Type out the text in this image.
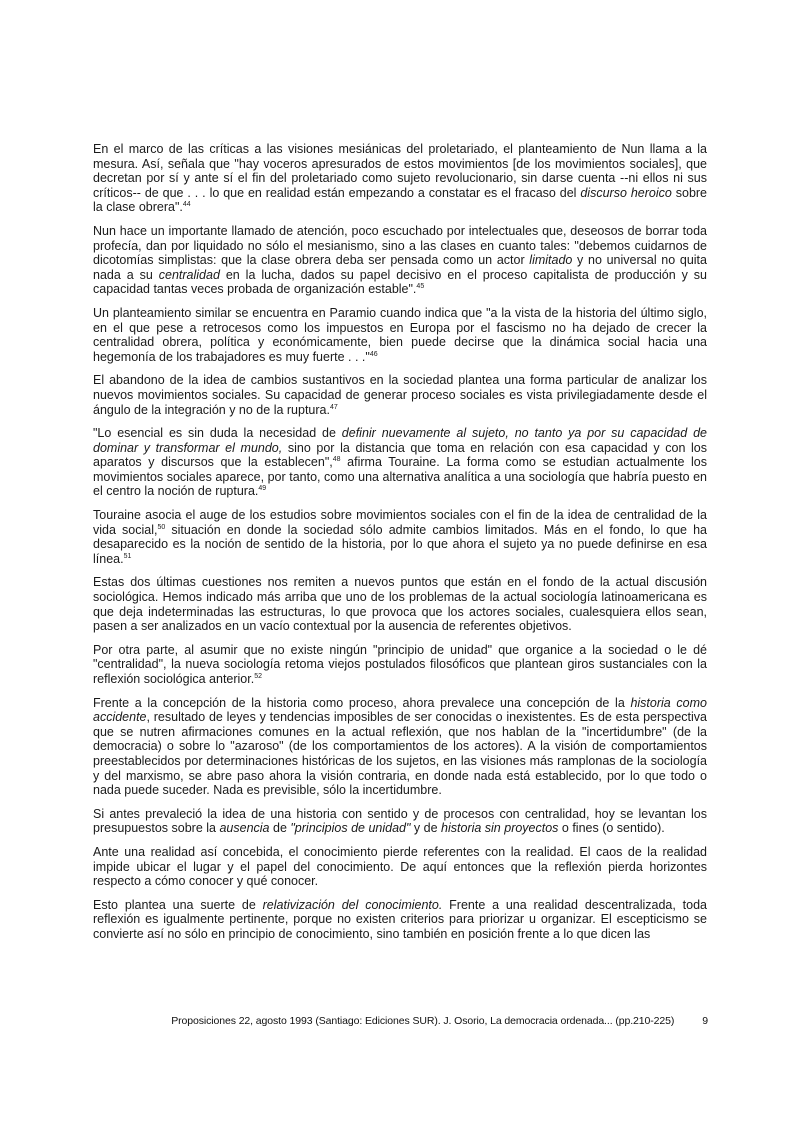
En el marco de las críticas a las visiones mesiánicas del proletariado, el planteamiento de Nun llama a la mesura. Así, señala que "hay voceros apresurados de estos movimientos [de los movimientos sociales], que decretan por sí y ante sí el fin del proletariado como sujeto revolucionario, sin darse cuenta --ni ellos ni sus críticos-- de que . . . lo que en realidad están empezando a constatar es el fracaso del discurso heroico sobre la clase obrera".$^{44}$

Nun hace un importante llamado de atención, poco escuchado por intelectuales que, deseosos de borrar toda profecía, dan por liquidado no sólo el mesianismo, sino a las clases en cuanto tales: "debemos cuidarnos de dicotomías simplistas: que la clase obrera deba ser pensada como un actor limitado y no universal no quita nada a su centralidad en la lucha, dados su papel decisivo en el proceso capitalista de producción y su capacidad tantas veces probada de organización estable".$^{45}$

Un planteamiento similar se encuentra en Paramio cuando indica que "a la vista de la historia del último siglo, en el que pese a retrocesos como los impuestos en Europa por el fascismo no ha dejado de crecer la centralidad obrera, política y económicamente, bien puede decirse que la dinámica social hacia una hegemonía de los trabajadores es muy fuerte . . ."$^{46}$

El abandono de la idea de cambios sustantivos en la sociedad plantea una forma particular de analizar los nuevos movimientos sociales. Su capacidad de generar proceso sociales es vista privilegiadamente desde el ángulo de la integración y no de la ruptura.$^{47}$

"Lo esencial es sin duda la necesidad de definir nuevamente al sujeto, no tanto ya por su capacidad de dominar y transformar el mundo, sino por la distancia que toma en relación con esa capacidad y con los aparatos y discursos que la establecen",$^{48}$ afirma Touraine. La forma como se estudian actualmente los movimientos sociales aparece, por tanto, como una alternativa analítica a una sociología que habría puesto en el centro la noción de ruptura.$^{49}$

Touraine asocia el auge de los estudios sobre movimientos sociales con el fin de la idea de centralidad de la vida social,$^{50}$ situación en donde la sociedad sólo admite cambios limitados. Más en el fondo, lo que ha desaparecido es la noción de sentido de la historia, por lo que ahora el sujeto ya no puede definirse en esa línea.$^{51}$

Estas dos últimas cuestiones nos remiten a nuevos puntos que están en el fondo de la actual discusión sociológica. Hemos indicado más arriba que uno de los problemas de la actual sociología latinoamericana es que deja indeterminadas las estructuras, lo que provoca que los actores sociales, cualesquiera ellos sean, pasen a ser analizados en un vacío contextual por la ausencia de referentes objetivos.

Por otra parte, al asumir que no existe ningún "principio de unidad" que organice a la sociedad o le dé "centralidad", la nueva sociología retoma viejos postulados filosóficos que plantean giros sustanciales con la reflexión sociológica anterior.$^{52}$

Frente a la concepción de la historia como proceso, ahora prevalece una concepción de la historia como accidente, resultado de leyes y tendencias imposibles de ser conocidas o inexistentes. Es de esta perspectiva que se nutren afirmaciones comunes en la actual reflexión, que nos hablan de la "incertidumbre" (de la democracia) o sobre lo "azaroso" (de los comportamientos de los actores). A la visión de comportamientos preestablecidos por determinaciones históricas de los sujetos, en las visiones más ramplonas de la sociología y del marxismo, se abre paso ahora la visión contraria, en donde nada está establecido, por lo que todo o nada puede suceder. Nada es previsible, sólo la incertidumbre.

Si antes prevaleció la idea de una historia con sentido y de procesos con centralidad, hoy se levantan los presupuestos sobre la ausencia de "principios de unidad" y de historia sin proyectos o fines (o sentido).

Ante una realidad así concebida, el conocimiento pierde referentes con la realidad. El caos de la realidad impide ubicar el lugar y el papel del conocimiento. De aquí entonces que la reflexión pierda horizontes respecto a cómo conocer y qué conocer.

Esto plantea una suerte de relativización del conocimiento. Frente a una realidad descentralizada, toda reflexión es igualmente pertinente, porque no existen criterios para priorizar u organizar. El escepticismo se convierte así no sólo en principio de conocimiento, sino también en posición frente a lo que dicen las

Proposiciones 22, agosto 1993 (Santiago: Ediciones SUR). J. Osorio, La democracia ordenada... (pp.210-225)	9
